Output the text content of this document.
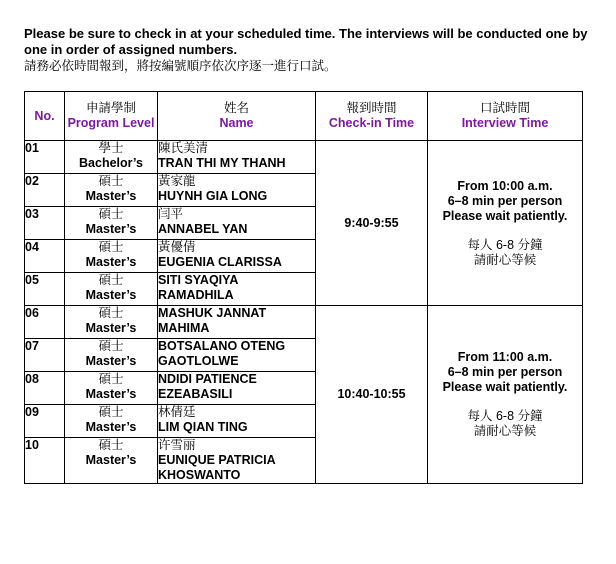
Please be sure to check in at your scheduled time. The interviews will be conducted one by one in order of assigned numbers.
請務必依時間報到，將按編號順序依次序逐一進行口試。
No.	申請學制
Program Level	姓名
Name	報到時間
Check-in Time	口試時間
Interview Time

01	學士
Bachelor’s	陳氏美清
TRAN THI MY THANH	9:40-9:55	From 10:00 a.m.
6–8 min per person
Please wait patiently.
每人 6-8 分鐘
請耐心等候

02	碩士
Master’s	黃家龍
HUYNH GIA LONG		
03	碩士
Master’s	闫平
ANNABEL YAN		
04	碩士
Master’s	黃優倩
EUGENIA CLARISSA		
05	碩士
Master’s	SITI SYAQIYA RAMADHILA		
06	碩士
Master’s	MASHUK JANNAT MAHIMA	10:40-10:55	From 11:00 a.m.
6–8 min per person
Please wait patiently.
每人 6-8 分鐘
請耐心等候

07	碩士
Master’s	BOTSALANO OTENG GAOTLOLWE		
08	碩士
Master’s	NDIDI PATIENCE EZEABASILI		
09	碩士
Master’s	林倩廷
LIM QIAN TING		
10	碩士
Master’s	许雪丽
EUNIQUE PATRICIA KHOSWANTO		
